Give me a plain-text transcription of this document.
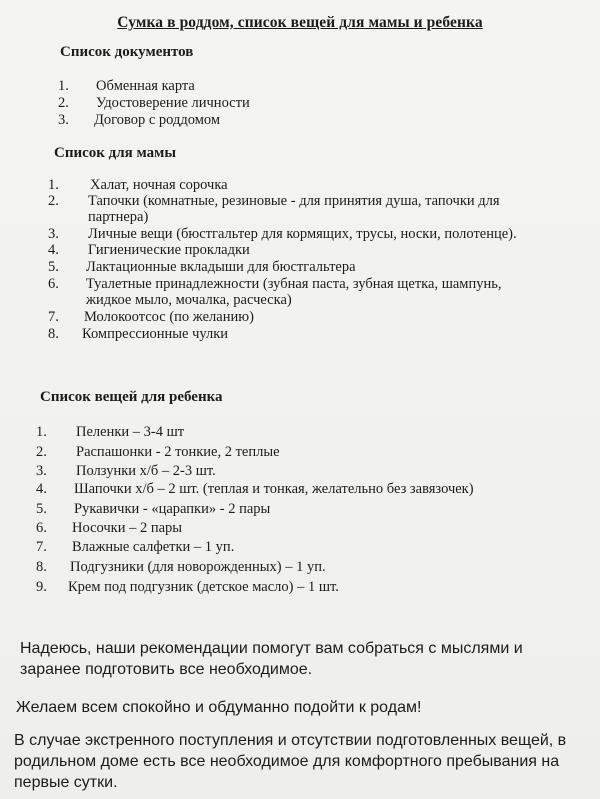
Сумка в роддом, список вещей для мамы и ребенка
Список документов
1. Обменная карта
2. Удостоверение личности
3. Договор с роддомом
Список для мамы
1. Халат, ночная сорочка
2. Тапочки (комнатные, резиновые - для принятия душа, тапочки для партнера)
3. Личные вещи (бюстгальтер для кормящих, трусы, носки, полотенце).
4. Гигиенические прокладки
5. Лактационные вкладыши для бюстгальтера
6. Туалетные принадлежности (зубная паста, зубная щетка, шампунь, жидкое мыло, мочалка, расческа)
7. Молокоотсос (по желанию)
8. Компрессионные чулки
Список вещей для ребенка
1. Пеленки – 3-4 шт
2. Распашонки - 2 тонкие, 2 теплые
3. Ползунки х/б – 2-3 шт.
4. Шапочки х/б – 2 шт. (теплая и тонкая, желательно без завязочек)
5. Рукавички - «царапки» - 2 пары
6. Носочки – 2 пары
7. Влажные салфетки – 1 уп.
8. Подгузники (для новорожденных) – 1 уп.
9. Крем под подгузник (детское масло) – 1 шт.

Надеюсь, наши рекомендации помогут вам собраться с мыслями и заранее подготовить все необходимое.

Желаем всем спокойно и обдуманно подойти к родам!

В случае экстренного поступления и отсутствии подготовленных вещей, в родильном доме есть все необходимое для комфортного пребывания на первые сутки.
